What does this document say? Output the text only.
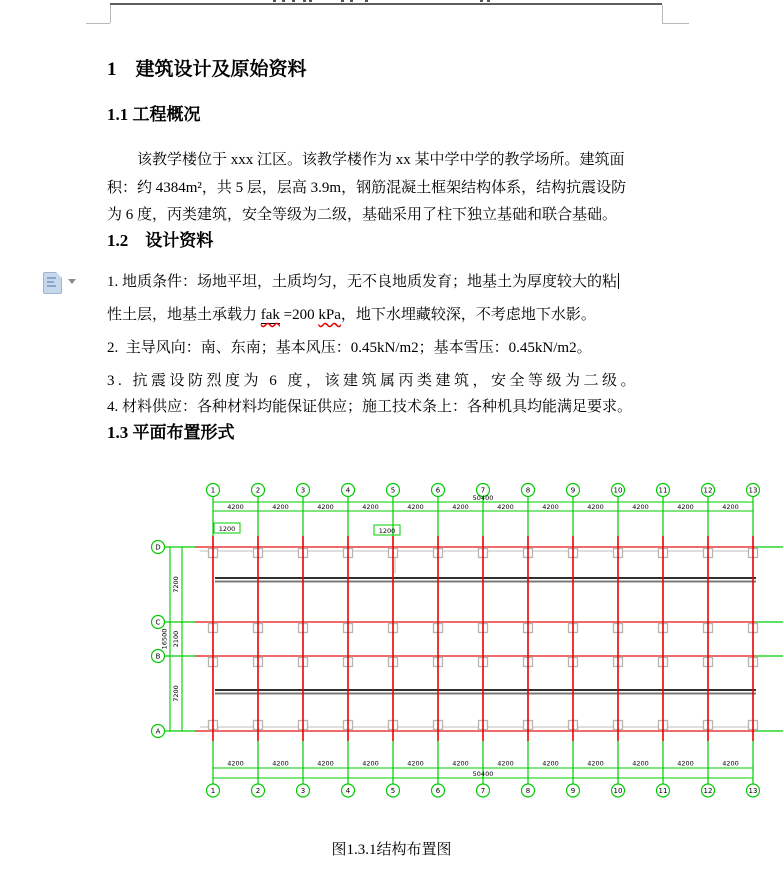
1　建筑设计及原始资料
1.1 工程概况
该教学楼位于 xxx 江区。该教学楼作为 xx 某中学中学的教学场所。建筑面
积：约 4384m²，共 5 层，层高 3.9m，钢筋混凝土框架结构体系，结构抗震设防
为 6 度，丙类建筑，安全等级为二级，基础采用了柱下独立基础和联合基础。
1.2　设计资料
1. 地质条件：场地平坦，土质均匀，无不良地质发育；地基土为厚度较大的粘
性土层，地基土承载力 fak =200 kPa，地下水埋藏较深，不考虑地下水影。
2.  主导风向：南、东南；基本风压：0.45kN/m2；基本雪压：0.45kN/m2。
3. 抗震设防烈度为 6 度，该建筑属丙类建筑，安全等级为二级。
4. 材料供应：各种材料均能保证供应；施工技术条上：各种机具均能满足要求。
1.3 平面布置形式
1
1
2
2
3
3
4
4
5
5
6
6
7
7
8
8
9
9
10
10
11
11
12
12
13
13
4200
4200
4200
4200
4200
4200
4200
4200
4200
4200
4200
4200
4200
4200
4200
4200
4200
4200
4200
4200
4200
4200
4200
4200
50400
50400
D
C
B
A
7200
2100
7200
16500
1200	1200
图1.3.1结构布置图
